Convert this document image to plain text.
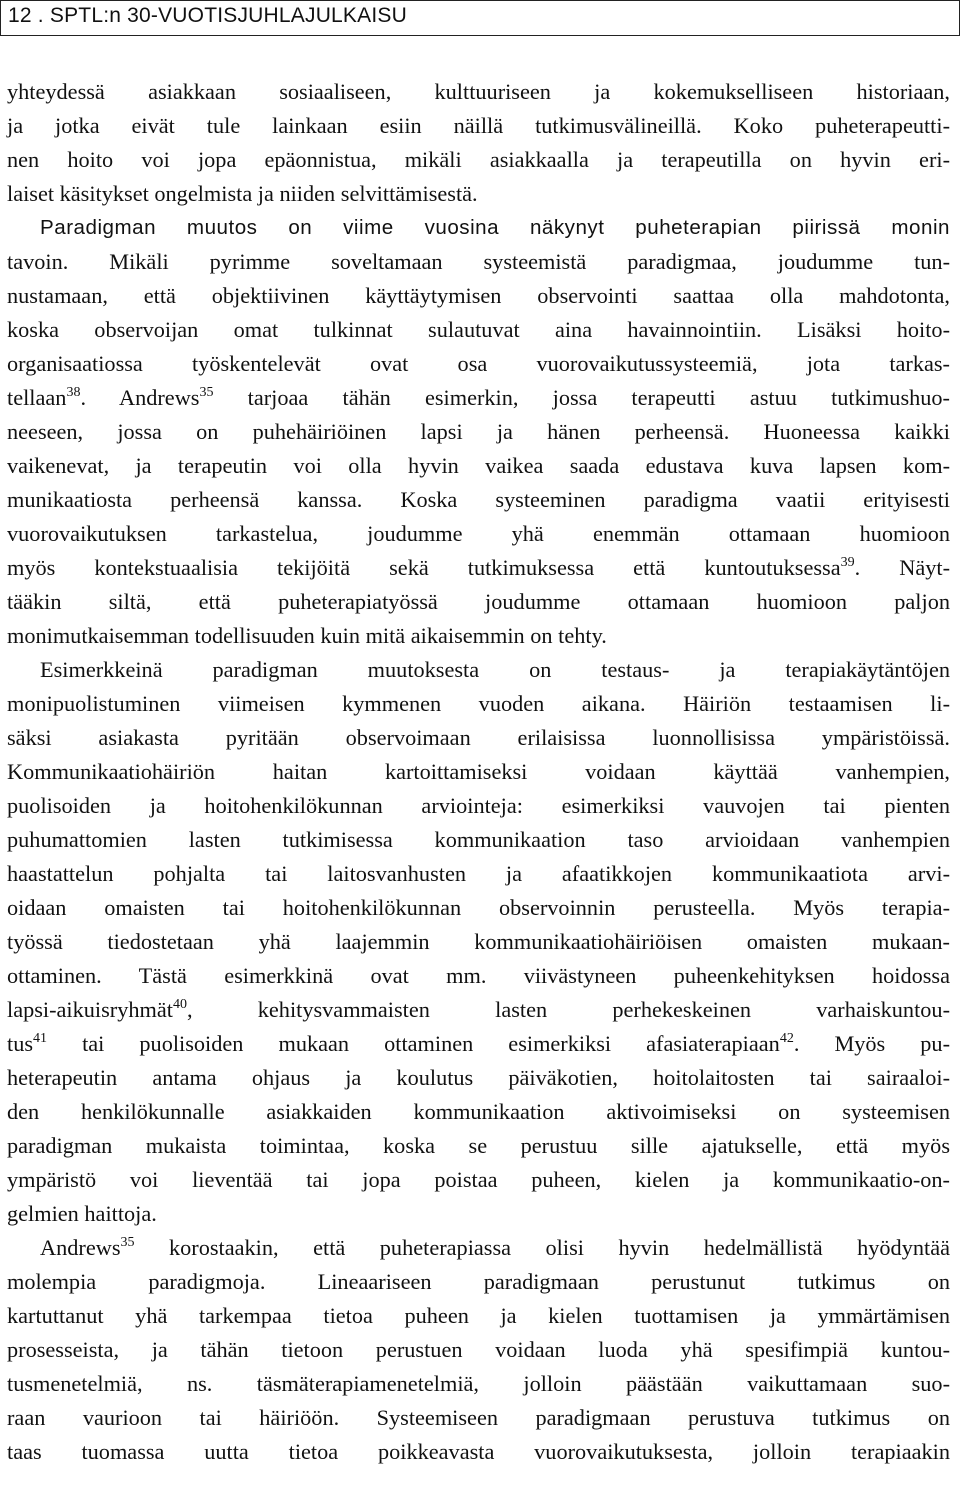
12 . SPTL:n 30-VUOTISJUHLAJULKAISU
yhteydessä asiakkaan sosiaaliseen, kulttuuriseen ja kokemukselliseen historiaan,
ja jotka eivät tule lainkaan esiin näillä tutkimusvälineillä. Koko puheterapeutti-
nen hoito voi jopa epäonnistua, mikäli asiakkaalla ja terapeutilla on hyvin eri-
laiset käsitykset ongelmista ja niiden selvittämisestä.
Paradigman muutos on viime vuosina näkynyt puheterapian piirissä monin
tavoin. Mikäli pyrimme soveltamaan systeemistä paradigmaa, joudumme tun-
nustamaan, että objektiivinen käyttäytymisen observointi saattaa olla mahdotonta,
koska observoijan omat tulkinnat sulautuvat aina havainnointiin. Lisäksi hoito-
organisaatiossa työskentelevät ovat osa vuorovaikutussysteemiä, jota tarkas-
tellaan$^{38}$. Andrews$^{35}$ tarjoaa tähän esimerkin, jossa terapeutti astuu tutkimushuo-
neeseen, jossa on puhehäiriöinen lapsi ja hänen perheensä. Huoneessa kaikki
vaikenevat, ja terapeutin voi olla hyvin vaikea saada edustava kuva lapsen kom-
munikaatiosta perheensä kanssa. Koska systeeminen paradigma vaatii erityisesti
vuorovaikutuksen tarkastelua, joudumme yhä enemmän ottamaan huomioon
myös kontekstuaalisia tekijöitä sekä tutkimuksessa että kuntoutuksessa$^{39}$. Näyt-
tääkin siltä, että puheterapiatyössä joudumme ottamaan huomioon paljon
monimutkaisemman todellisuuden kuin mitä aikaisemmin on tehty.
Esimerkkeinä paradigman muutoksesta on testaus- ja terapiakäytäntöjen
monipuolistuminen viimeisen kymmenen vuoden aikana. Häiriön testaamisen li-
säksi asiakasta pyritään observoimaan erilaisissa luonnollisissa ympäristöissä.
Kommunikaatiohäiriön haitan kartoittamiseksi voidaan käyttää vanhempien,
puolisoiden ja hoitohenkilökunnan arviointeja: esimerkiksi vauvojen tai pienten
puhumattomien lasten tutkimisessa kommunikaation taso arvioidaan vanhempien
haastattelun pohjalta tai laitosvanhusten ja afaatikkojen kommunikaatiota arvi-
oidaan omaisten tai hoitohenkilökunnan observoinnin perusteella. Myös terapia-
työssä tiedostetaan yhä laajemmin kommunikaatiohäiriöisen omaisten mukaan-
ottaminen. Tästä esimerkkinä ovat mm. viivästyneen puheenkehityksen hoidossa
lapsi-aikuisryhmät$^{40}$, kehitysvammaisten lasten perhekeskeinen varhaiskuntou-
tus$^{41}$ tai puolisoiden mukaan ottaminen esimerkiksi afasiaterapiaan$^{42}$. Myös pu-
heterapeutin antama ohjaus ja koulutus päiväkotien, hoitolaitosten tai sairaaloi-
den henkilökunnalle asiakkaiden kommunikaation aktivoimiseksi on systeemisen
paradigman mukaista toimintaa, koska se perustuu sille ajatukselle, että myös
ympäristö voi lieventää tai jopa poistaa puheen, kielen ja kommunikaatio-on-
gelmien haittoja.
Andrews$^{35}$ korostaakin, että puheterapiassa olisi hyvin hedelmällistä hyödyntää
molempia paradigmoja. Lineaariseen paradigmaan perustunut tutkimus on
kartuttanut yhä tarkempaa tietoa puheen ja kielen tuottamisen ja ymmärtämisen
prosesseista, ja tähän tietoon perustuen voidaan luoda yhä spesifimpiä kuntou-
tusmenetelmiä, ns. täsmäterapiamenetelmiä, jolloin päästään vaikuttamaan suo-
raan vaurioon tai häiriöön. Systeemiseen paradigmaan perustuva tutkimus on
taas tuomassa uutta tietoa poikkeavasta vuorovaikutuksesta, jolloin terapiaakin
